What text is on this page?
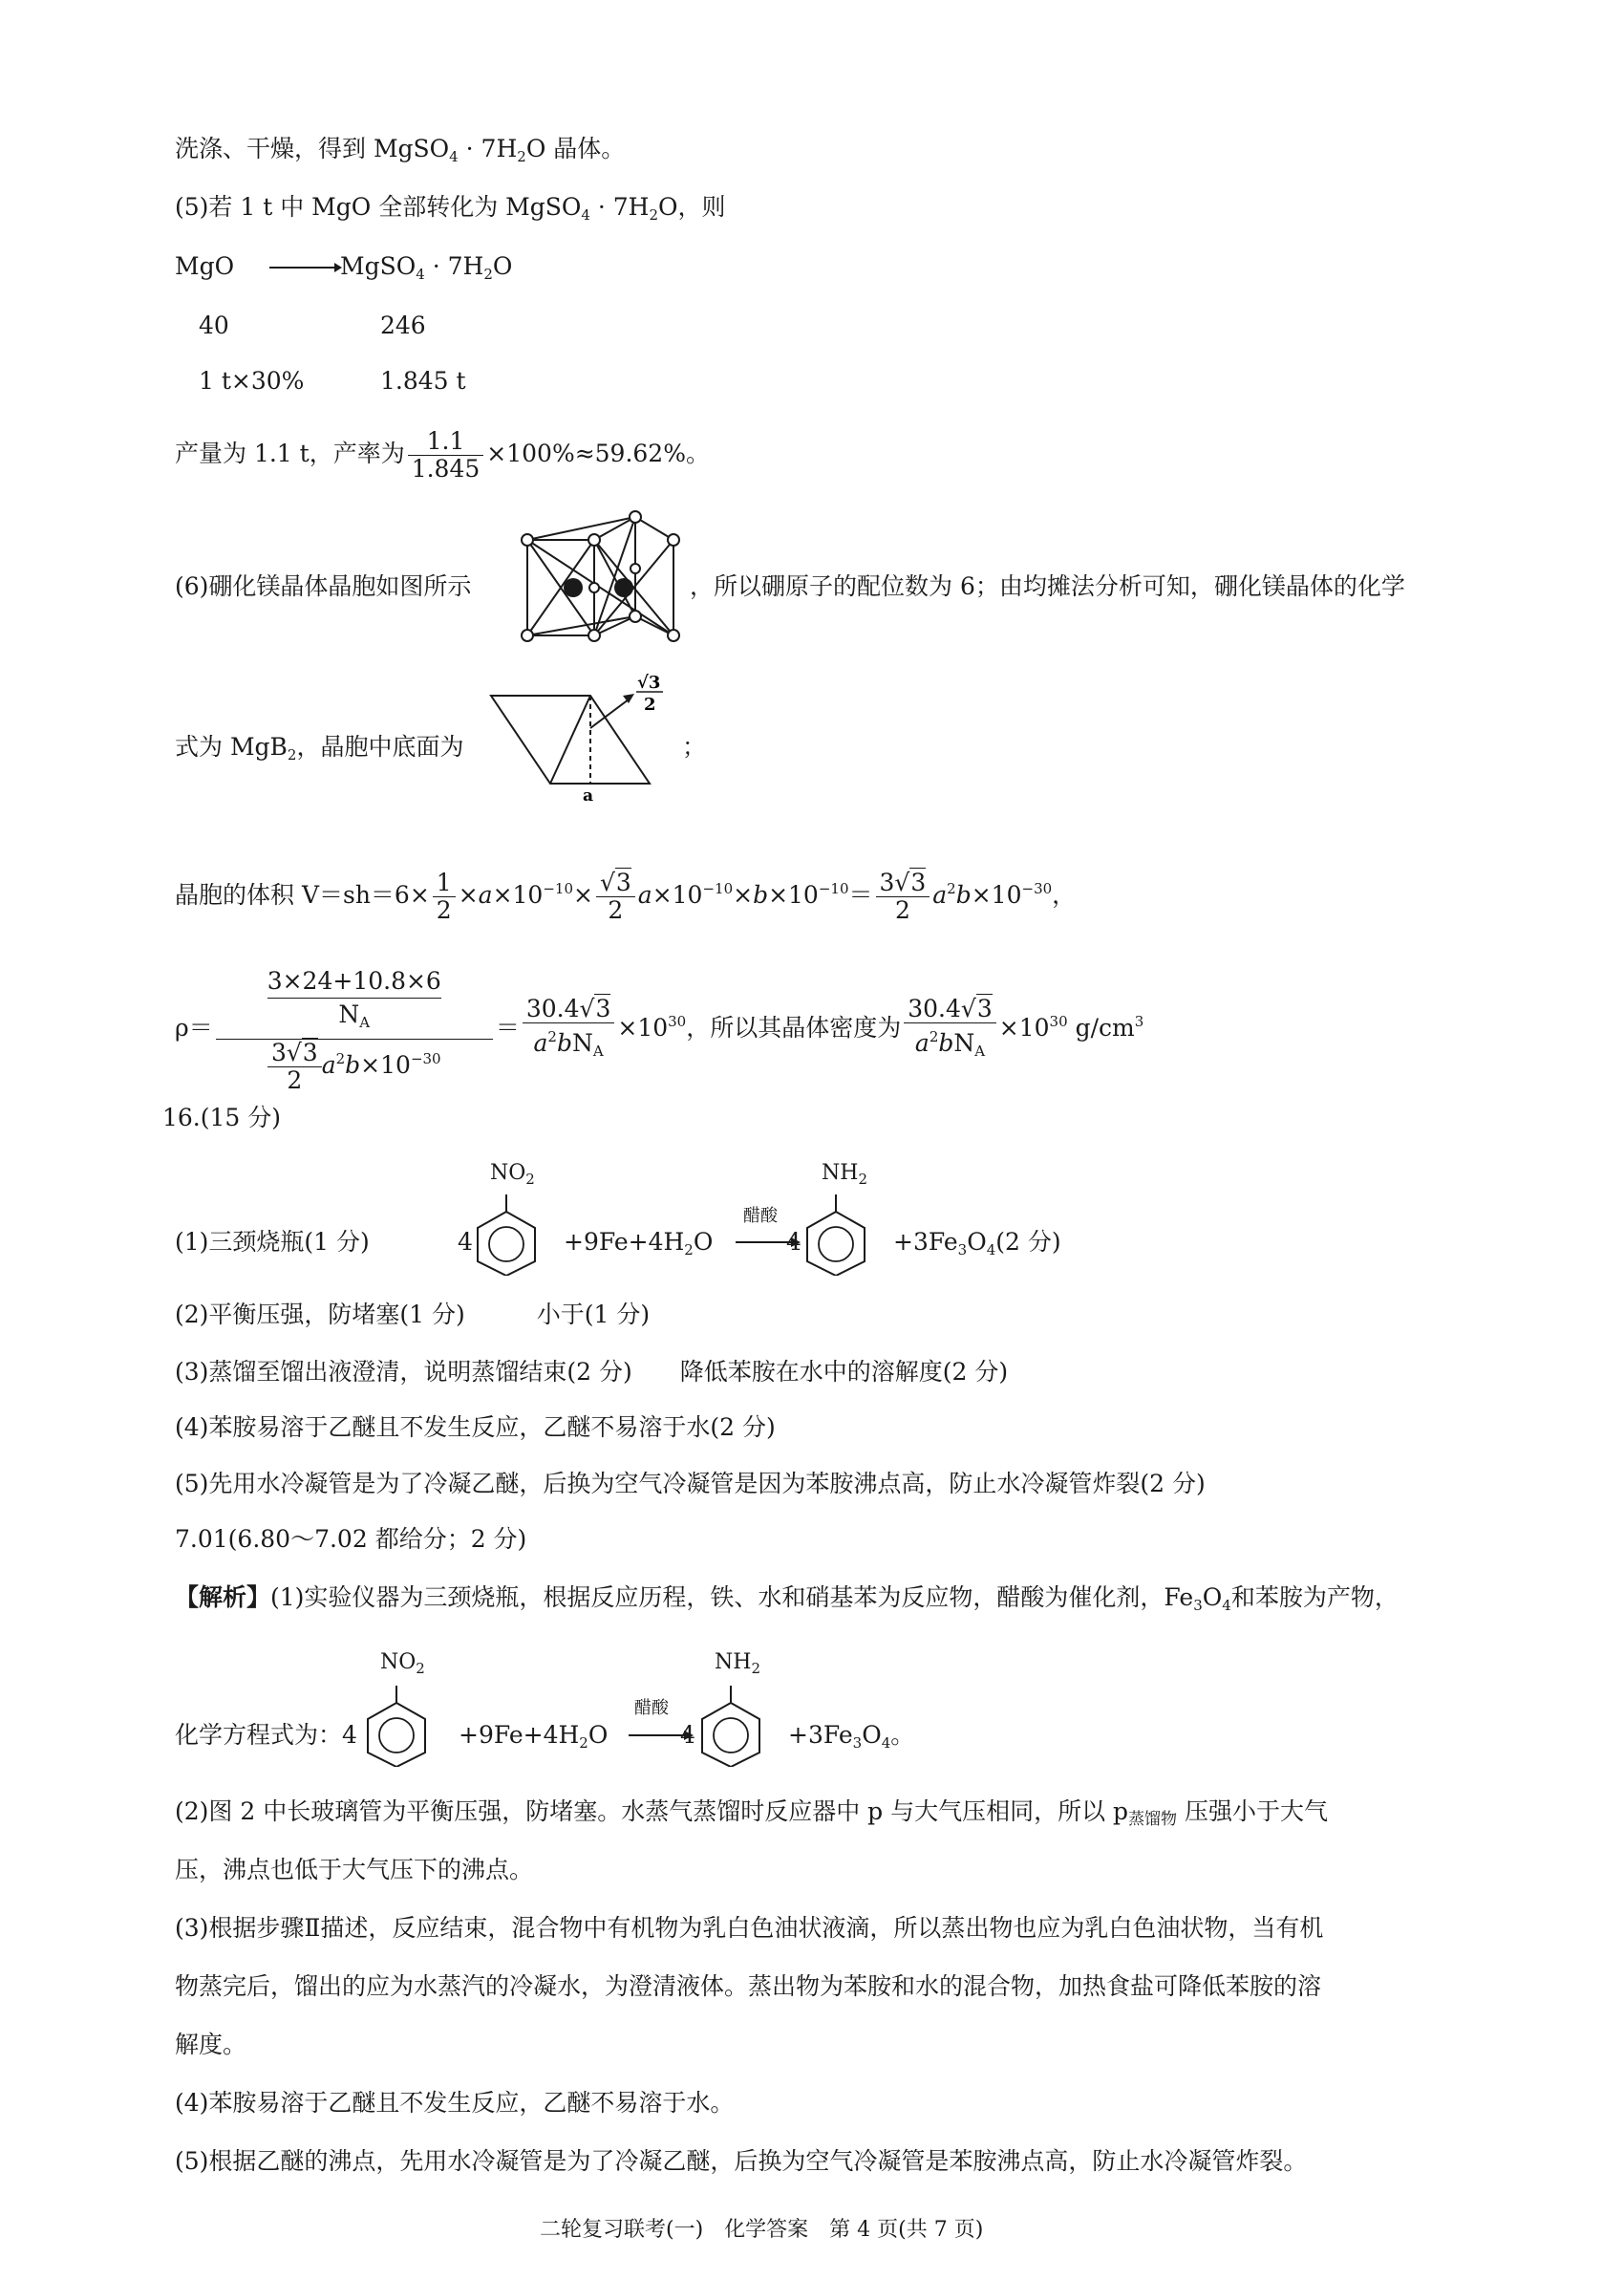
洗涤、干燥，得到 MgSO$_4$ · $7H_2O$ 晶体。
(5)若 1 t 中 MgO 全部转化为 MgSO$_4$ · $7H_2O$，则
MgO	MgSO$_4$ · $7H_2O$
40	246
1 t×30%	1.845 t
产量为 1.1 t，产率为 $\frac{1.1}{1.845} \times 100\%\approx 59.62\%$。
(6)硼化镁晶体晶胞如图所示	，所以硼原子的配位数为 6；由均摊法分析可知，硼化镁晶体的化学
式为 MgB$_2$，晶胞中底面为
√3
2
a
；
晶胞的体积 $V=sh=6\times \frac{1}{2} \times a\times 10^{-10}\times \frac{√3}{2} a\times 10^{-10}\times b\times 10^{-10}= \frac{3√3}{2} a^2b\times 10^{-30}$，
ρ＝ 3×24+10.8×6
$N_A$
$\frac{3√3}{2} a^2b\times 10^{-30} = \frac{30.4√3}{a^2bN_A} \times 10^{30}$，所以其晶体密度为 $\frac{30.4√3}{a^2bN_A} \times 10^{30}$ $g/cm^3$
16.(15 分)
(1)三颈烧瓶(1 分)	4
$NO_2$
$+9Fe+4H_2O$
醋酸
4
$NH_2$
$+3Fe_3O_4(2$ 分)
(2)平衡压强，防堵塞(1 分)　　　小于(1 分)
(3)蒸馏至馏出液澄清，说明蒸馏结束(2 分)　　降低苯胺在水中的溶解度(2 分)
(4)苯胺易溶于乙醚且不发生反应，乙醚不易溶于水(2 分)
(5)先用水冷凝管是为了冷凝乙醚，后换为空气冷凝管是因为苯胺沸点高，防止水冷凝管炸裂(2 分)
7.01(6.80～7.02 都给分；2 分)
【解析】(1)实验仪器为三颈烧瓶，根据反应历程，铁、水和硝基苯为反应物，醋酸为催化剂，$Fe_3O_4$和苯胺为产物，
化学方程式为：4
$NO_2$
$+9Fe+4H_2O$
醋酸
4
$NH_2$
$+3Fe_3O_4$。
(2)图 2 中长玻璃管为平衡压强，防堵塞。水蒸气蒸馏时反应器中 p 与大气压相同，所以 $p_{蒸馏物}$ 压强小于大气
压，沸点也低于大气压下的沸点。
(3)根据步骤Ⅱ描述，反应结束，混合物中有机物为乳白色油状液滴，所以蒸出物也应为乳白色油状物，当有机
物蒸完后，馏出的应为水蒸汽的冷凝水，为澄清液体。蒸出物为苯胺和水的混合物，加热食盐可降低苯胺的溶
解度。
(4)苯胺易溶于乙醚且不发生反应，乙醚不易溶于水。
(5)根据乙醚的沸点，先用水冷凝管是为了冷凝乙醚，后换为空气冷凝管是苯胺沸点高，防止水冷凝管炸裂。
二轮复习联考(一)　化学答案　第 4 页(共 7 页)
